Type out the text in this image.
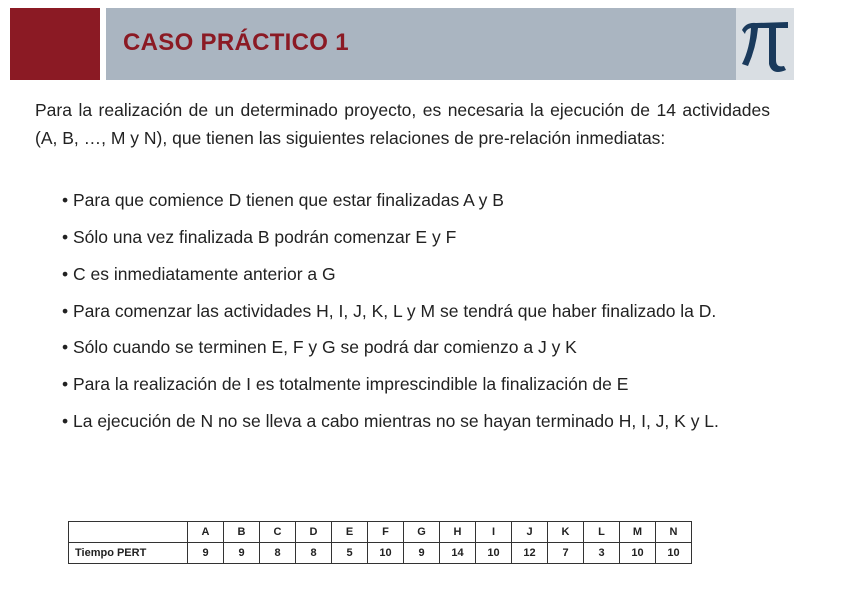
CASO PRÁCTICO 1
Para la realización de un determinado proyecto, es necesaria la ejecución de 14 actividades (A, B, …, M y N), que tienen las siguientes relaciones de pre-relación inmediatas:
• Para que comience D tienen que estar finalizadas A y B
• Sólo una vez finalizada B podrán comenzar E y F
• C es inmediatamente anterior a G
• Para comenzar las actividades H, I, J, K, L y M se tendrá que haber finalizado la D.
• Sólo cuando se terminen E, F y G se podrá dar comienzo a J y K
• Para la realización de I es totalmente imprescindible la finalización de E
• La ejecución de N no se lleva a cabo mientras no se hayan terminado H, I, J, K y L.
	A	B	C	D	E	F	G	H	I	J	K	L	M	N
Tiempo PERT	9	9	8	8	5	10	9	14	10	12	7	3	10	10
